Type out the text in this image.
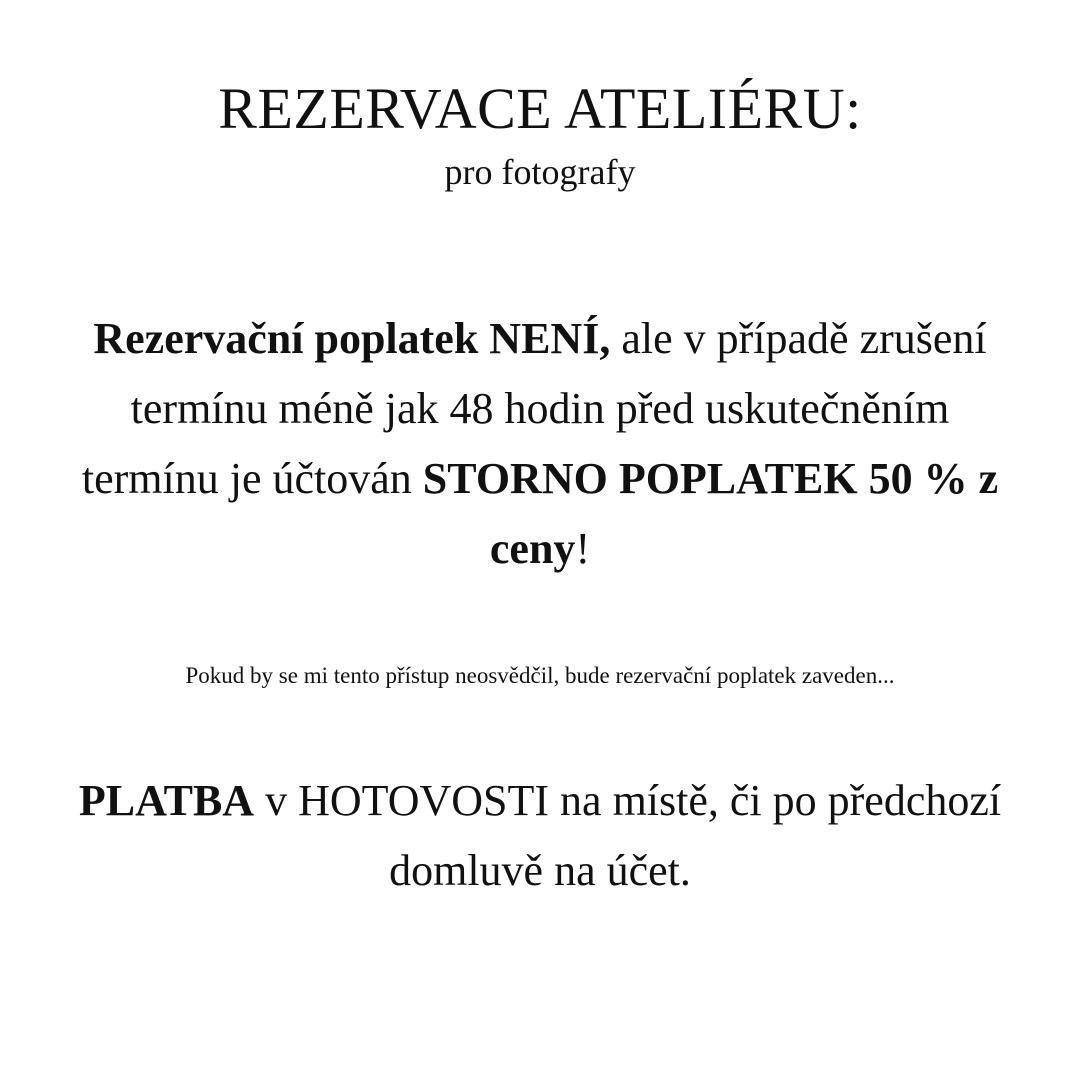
REZERVACE ATELIÉRU:

pro fotografy

Rezervační poplatek NENÍ, ale v případě zrušení termínu méně jak 48 hodin před uskutečněním termínu je účtován STORNO POPLATEK 50 % z ceny!

Pokud by se mi tento přístup neosvědčil, bude rezervační poplatek zaveden...

PLATBA v HOTOVOSTI na místě, či po předchozí domluvě na účet.
